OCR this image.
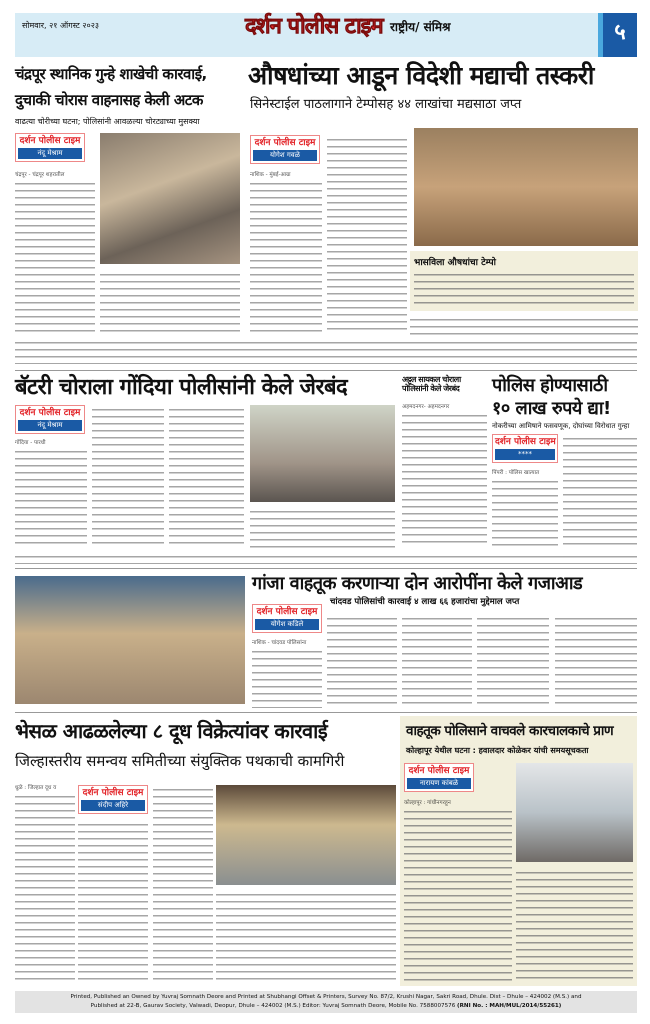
सोमवार, २१ ऑगस्ट २०२३	दर्शन पोलीस टाइम राष्ट्रीय/ संमिश्र	५
चंद्रपूर स्थानिक गुन्हे शाखेची कारवाई,
दुचाकी चोरास वाहनासह केली अटक
वाढत्या चोरीच्या घटना; पोलिसांनी आवळल्या चोरट्याच्या मुसक्या
दर्शन पोलीस टाइम
नंदू मेश्राम
चंद्रपूर - चंद्रपूर शहरातील
औषधांच्या आडून विदेशी मद्याची तस्करी
सिनेस्टाईल पाठलागाने टेम्पोसह ४४ लाखांचा मद्यसाठा जप्त
दर्शन पोलीस टाइम
योगेश गवळे
नाशिक - मुंबई-आग्रा
भासविला औषधांचा टेम्पो
बॅटरी चोराला गोंदिया पोलीसांनी केले जेरबंद
दर्शन पोलीस टाइम
नंदू मेश्राम
गोंदिया - पारधी
अट्टल सायकल चोराला पोलिसांनी केले जेरबंद
अहमदनगर- अहमदनगर
पोलिस होण्यासाठी
१० लाख रुपये द्या!
नोकरीच्या आमिषाने फसवणूक, दोघांच्या विरोधात गुन्हा
दर्शन पोलीस टाइम
****
पिंपरी : पोलिस खात्यात
गांजा वाहतूक करणाऱ्या दोन आरोपींना केले गजाआड
चांदवड पोलिसांची कारवाई ४ लाख ६६ हजारांचा मुद्देमाल जप्त
दर्शन पोलीस टाइम
योगेश कडिले
नाशिक - चांदवड पोलिसांना
भेसळ आढळलेल्या ८ दूध विक्रेत्यांवर कारवाई
जिल्हास्तरीय समन्वय समितीच्या संयुक्तिक पथकाची कामगिरी
दर्शन पोलीस टाइम
संदीप अहिरे
धुळे : जिल्हात दूध व
वाहतूक पोलिसाने वाचवले कारचालकाचे प्राण
कोल्हापूर येथील घटना : हवालदार कोळेकर यांची समयसूचकता
दर्शन पोलीस टाइम
नारायण कांबळे
कोल्हापूर : गांधीनगरहून
Printed, Published an Owned by Yuvraj Somnath Deore and Printed at Shubhangi Offset & Printers, Survey No. 87/2, Krushi Nagar, Sakri Road, Dhule. Dist – Dhule – 424002 (M.S.) and
Published at 22-B, Gaurav Society, Valwadi, Deopur, Dhule – 424002 (M.S.) Editor: Yuvraj Somnath Deore, Mobile No. 7588007576 (RNI No. : MAH/MUL/2014/55261)
